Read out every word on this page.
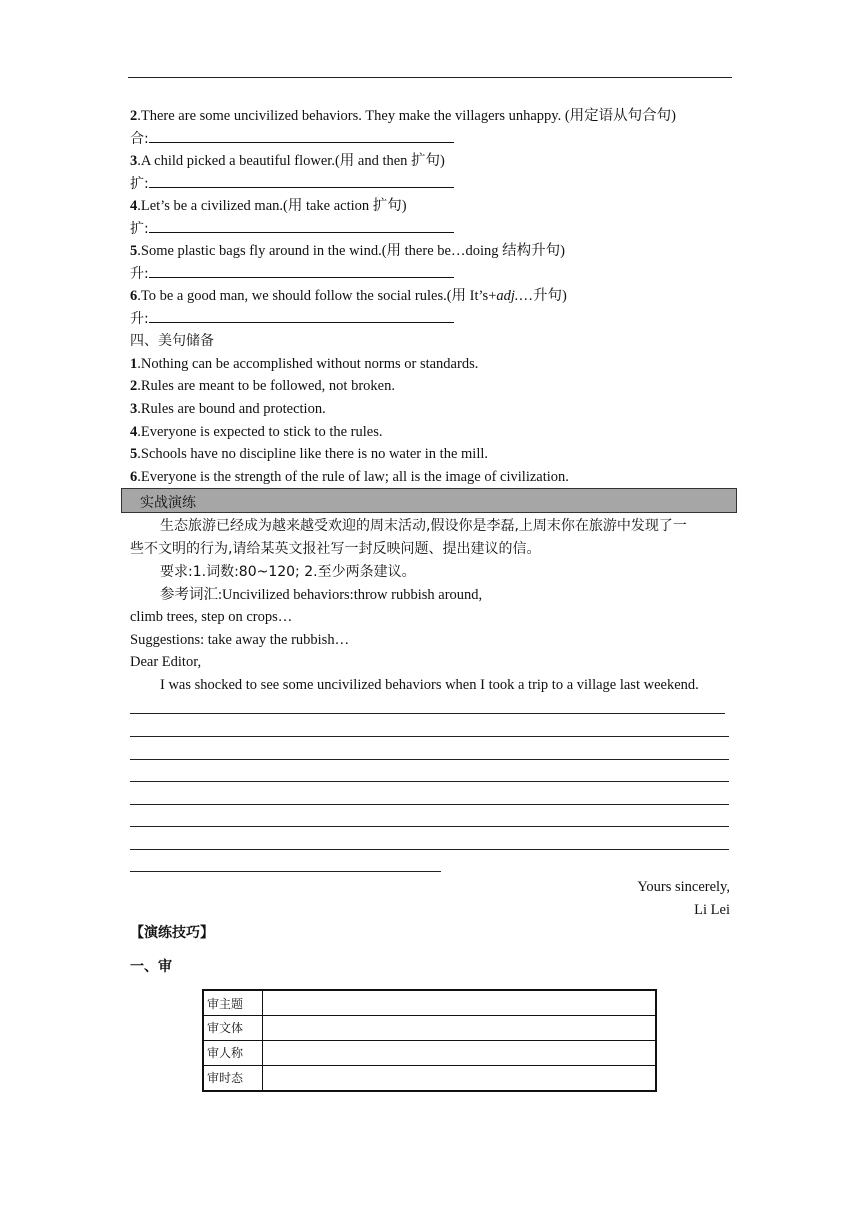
2.There are some uncivilized behaviors. They make the villagers unhappy. (用定语从句合句)
合:
3.A child picked a beautiful flower.(用 and then 扩句)
扩:
4.Let’s be a civilized man.(用 take action 扩句)
扩:
5.Some plastic bags fly around in the wind.(用 there be…doing 结构升句)
升:
6.To be a good man, we should follow the social rules.(用 It’s+adj.…升句)
升:
四、美句储备
1.Nothing can be accomplished without norms or standards.
2.Rules are meant to be followed, not broken.
3.Rules are bound and protection.
4.Everyone is expected to stick to the rules.
5.Schools have no discipline like there is no water in the mill.
6.Everyone is the strength of the rule of law; all is the image of civilization.
实战演练
生态旅游已经成为越来越受欢迎的周末活动,假设你是李磊,上周末你在旅游中发现了一
些不文明的行为,请给某英文报社写一封反映问题、提出建议的信。
要求:1.词数:80~120; 2.至少两条建议。
参考词汇:Uncivilized behaviors:throw rubbish around,
climb trees, step on crops…
Suggestions: take away the rubbish…
Dear Editor,
I was shocked to see some uncivilized behaviors when I took a trip to a village last weekend.
Yours sincerely,
Li Lei
【演练技巧】
一、审
审主题	
审文体	
审人称	
审时态	
